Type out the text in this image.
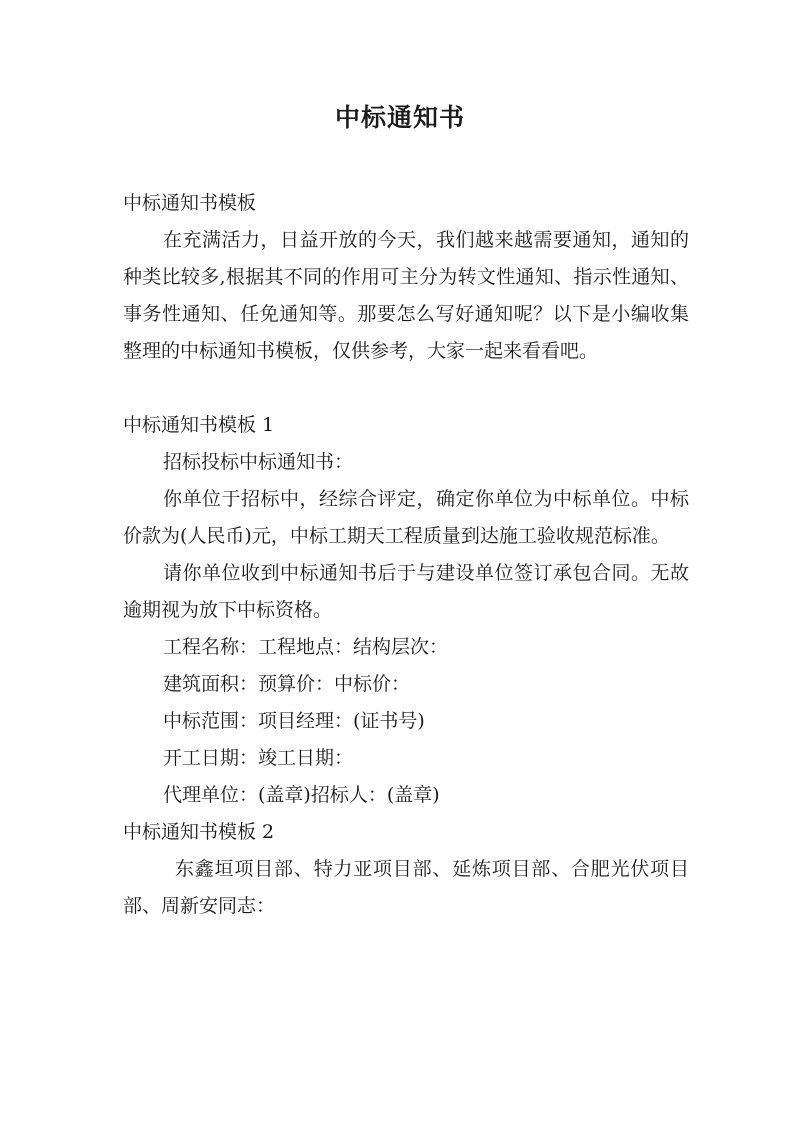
中标通知书

中标通知书模板

在充满活力，日益开放的今天，我们越来越需要通知，通知的种类比较多,根据其不同的作用可主分为转文性通知、指示性通知、事务性通知、任免通知等。那要怎么写好通知呢？以下是小编收集整理的中标通知书模板，仅供参考，大家一起来看看吧。

中标通知书模板 1

招标投标中标通知书：

你单位于招标中，经综合评定，确定你单位为中标单位。中标价款为(人民币)元，中标工期天工程质量到达施工验收规范标准。

请你单位收到中标通知书后于与建设单位签订承包合同。无故逾期视为放下中标资格。

工程名称：工程地点：结构层次：

建筑面积：预算价：中标价：

中标范围：项目经理：(证书号)

开工日期：竣工日期：

代理单位：(盖章)招标人：(盖章)

中标通知书模板 2

东鑫垣项目部、特力亚项目部、延炼项目部、合肥光伏项目部、周新安同志：
